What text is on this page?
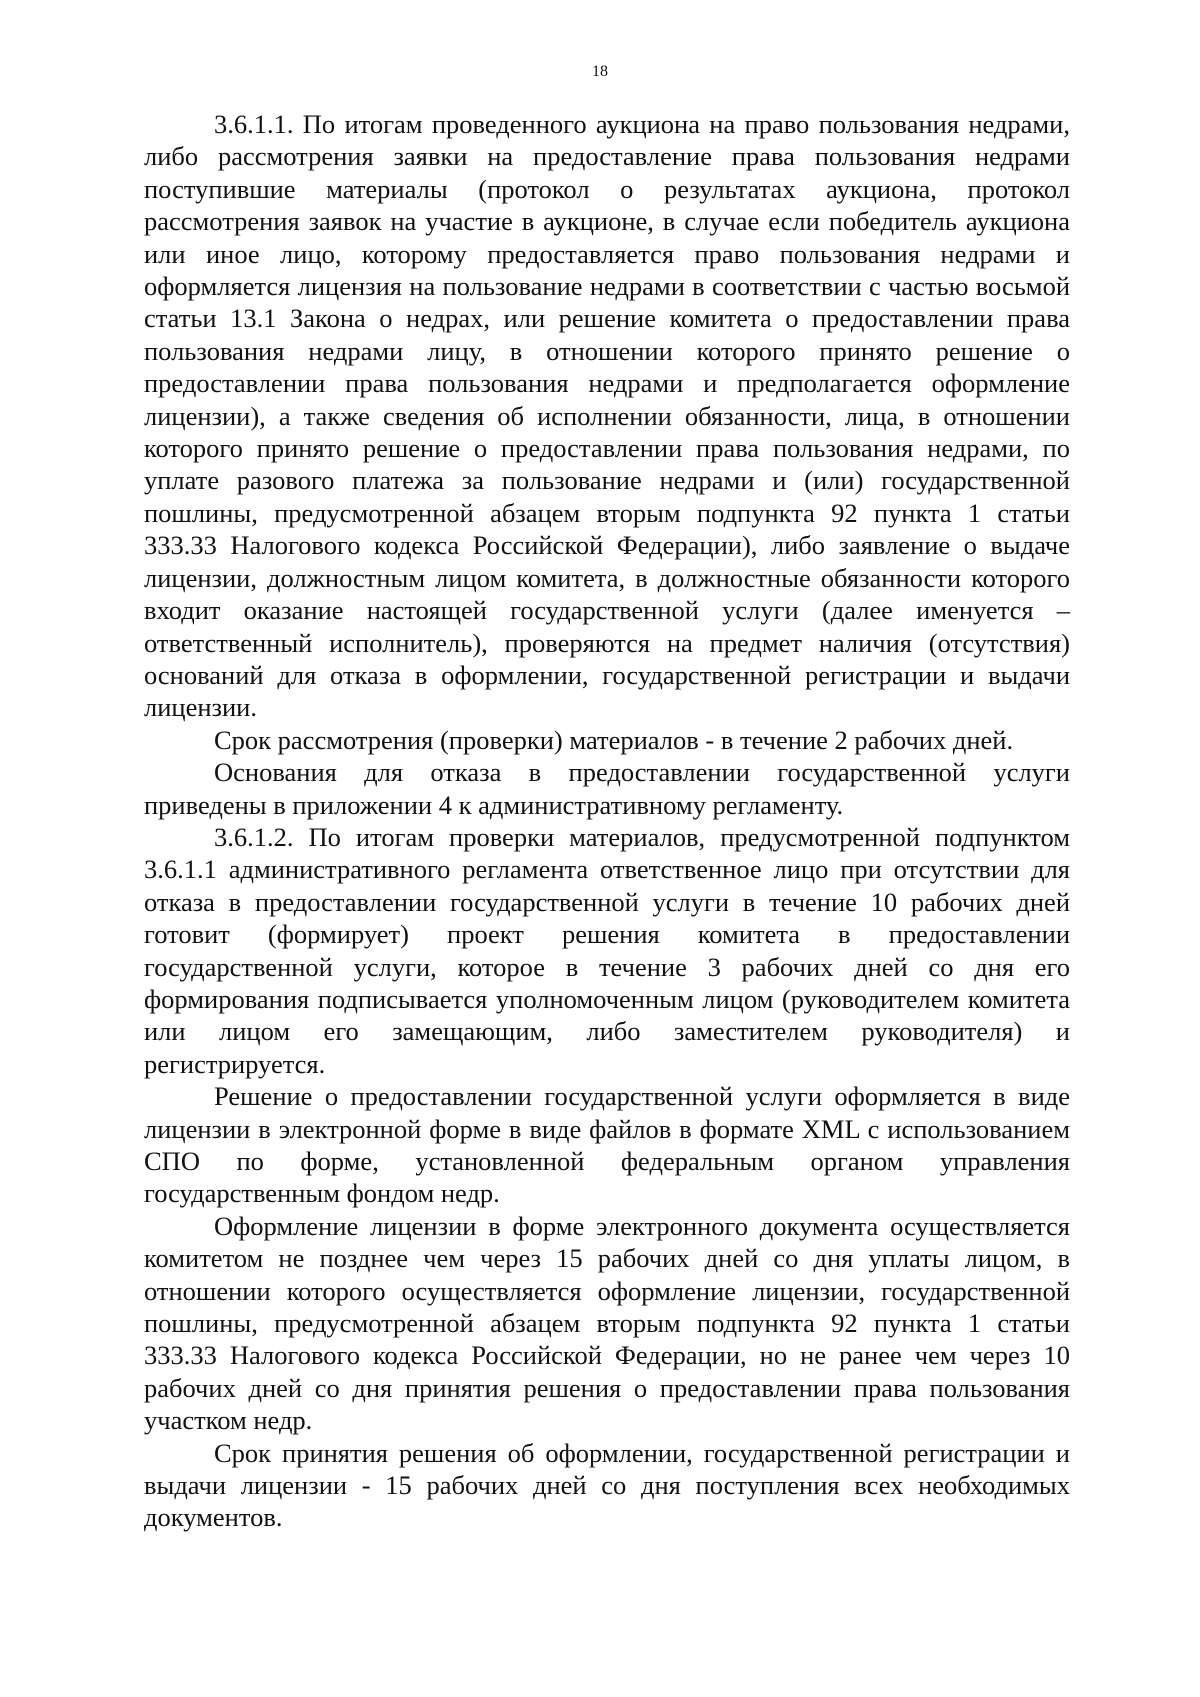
18

3.6.1.1. По итогам проведенного аукциона на право пользования недрами, либо рассмотрения заявки на предоставление права пользования недрами поступившие материалы (протокол о результатах аукциона, протокол рассмотрения заявок на участие в аукционе, в случае если победитель аукциона или иное лицо, которому предоставляется право пользования недрами и оформляется лицензия на пользование недрами в соответствии с частью восьмой статьи 13.1 Закона о недрах, или решение комитета о предоставлении права пользования недрами лицу, в отношении которого принято решение о предоставлении права пользования недрами и предполагается оформление лицензии), а также сведения об исполнении обязанности, лица, в отношении которого принято решение о предоставлении права пользования недрами, по уплате разового платежа за пользование недрами и (или) государственной пошлины, предусмотренной абзацем вторым подпункта 92 пункта 1 статьи 333.33 Налогового кодекса Российской Федерации), либо заявление о выдаче лицензии, должностным лицом комитета, в должностные обязанности которого входит оказание настоящей государственной услуги (далее именуется – ответственный исполнитель), проверяются на предмет наличия (отсутствия) оснований для отказа в оформлении, государственной регистрации и выдачи лицензии.

Срок рассмотрения (проверки) материалов - в течение 2 рабочих дней.

Основания для отказа в предоставлении государственной услуги приведены в приложении 4 к административному регламенту.

3.6.1.2. По итогам проверки материалов, предусмотренной подпунктом 3.6.1.1 административного регламента ответственное лицо при отсутствии для отказа в предоставлении государственной услуги в течение 10 рабочих дней готовит (формирует) проект решения комитета в предоставлении государственной услуги, которое в течение 3 рабочих дней со дня его формирования подписывается уполномоченным лицом (руководителем комитета или лицом его замещающим, либо заместителем руководителя) и регистрируется.

Решение о предоставлении государственной услуги оформляется в виде лицензии в электронной форме в виде файлов в формате XML с использованием СПО по форме, установленной федеральным органом управления государственным фондом недр.

Оформление лицензии в форме электронного документа осуществляется комитетом не позднее чем через 15 рабочих дней со дня уплаты лицом, в отношении которого осуществляется оформление лицензии, государственной пошлины, предусмотренной абзацем вторым подпункта 92 пункта 1 статьи 333.33 Налогового кодекса Российской Федерации, но не ранее чем через 10 рабочих дней со дня принятия решения о предоставлении права пользования участком недр.

Срок принятия решения об оформлении, государственной регистрации и выдачи лицензии - 15 рабочих дней со дня поступления всех необходимых документов.
